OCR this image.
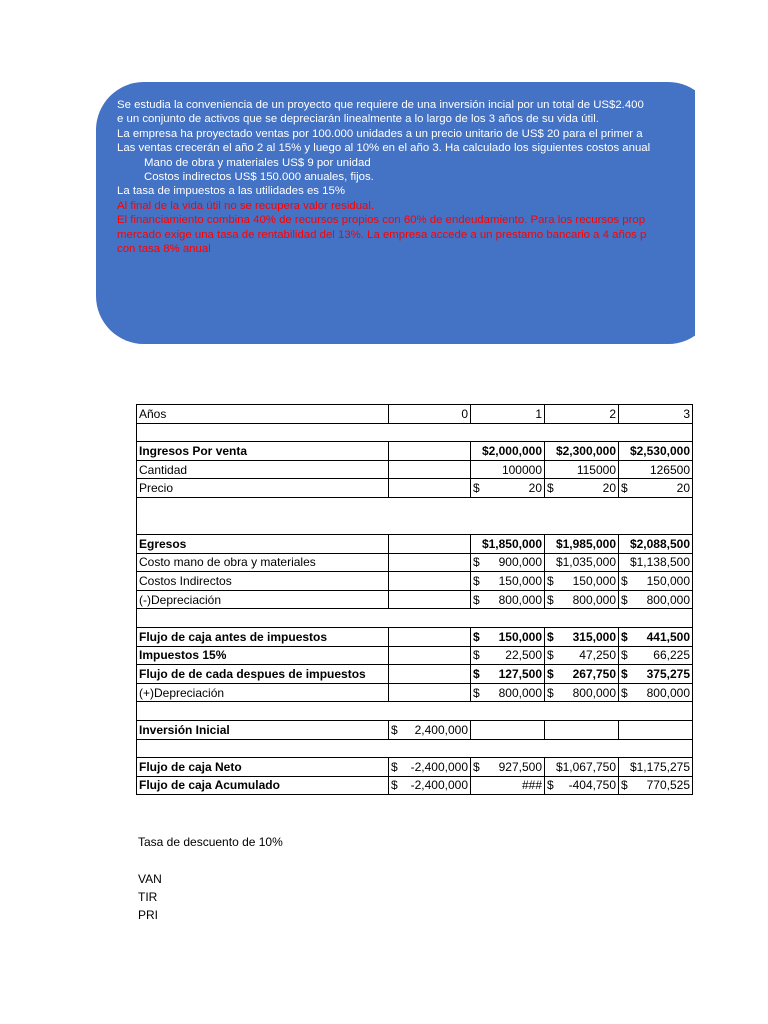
Se estudia la conveniencia de un proyecto que requiere de una inversión incial por un total de US$2.400
e un conjunto de activos que se depreciarán linealmente a lo largo de los 3 años de su vida útil.
La empresa ha proyectado ventas por 100.000 unidades a un precio unitario de US$ 20 para el primer a
Las ventas crecerán el año 2 al 15% y luego al 10% en el año 3. Ha calculado los siguientes costos anual
Mano de obra y materiales US$ 9 por unidad
Costos indirectos US$ 150.000 anuales, fijos.
La tasa de impuestos a las utilidades es 15%
Al final de la vida útil no se recupera valor residual.
El financiamiento combina 40% de recursos propios con 60% de endeudamiento. Para los recursos prop
mercado exige una tasa de rentabilidad del 13%. La empresa accede a un prestamo bancario a 4 años p
con tasa 8% anual
Años	0	1	2	3

Ingresos Por venta		$2,000,000	$2,300,000	$2,530,000
Cantidad		100000	115000	126500
Precio		$ 20	$ 20	$ 20

Egresos		$1,850,000	$1,985,000	$2,088,500
Costo mano de obra y materiales		$ 900,000	$1,035,000	$1,138,500
Costos Indirectos		$ 150,000	$ 150,000	$ 150,000

(-)Depreciación		$ 800,000	$ 800,000	$ 800,000

Flujo de caja antes de impuestos		$ 150,000	$ 315,000	$ 441,500

Impuestos 15%		$ 22,500	$ 47,250	$ 66,225

Flujo de de cada despues de impuestos		$ 127,500	$ 267,750	$ 375,275

(+)Depreciación		$ 800,000	$ 800,000	$ 800,000

Inversión Inicial	$ 2,400,000			

Flujo de caja Neto	$ -2,400,000	$ 927,500	$1,067,750	$1,175,275
Flujo de caja Acumulado	$ -2,400,000	###	$ -404,750	$ 770,525
Tasa de descuento de 10%
VAN
TIR
PRI
